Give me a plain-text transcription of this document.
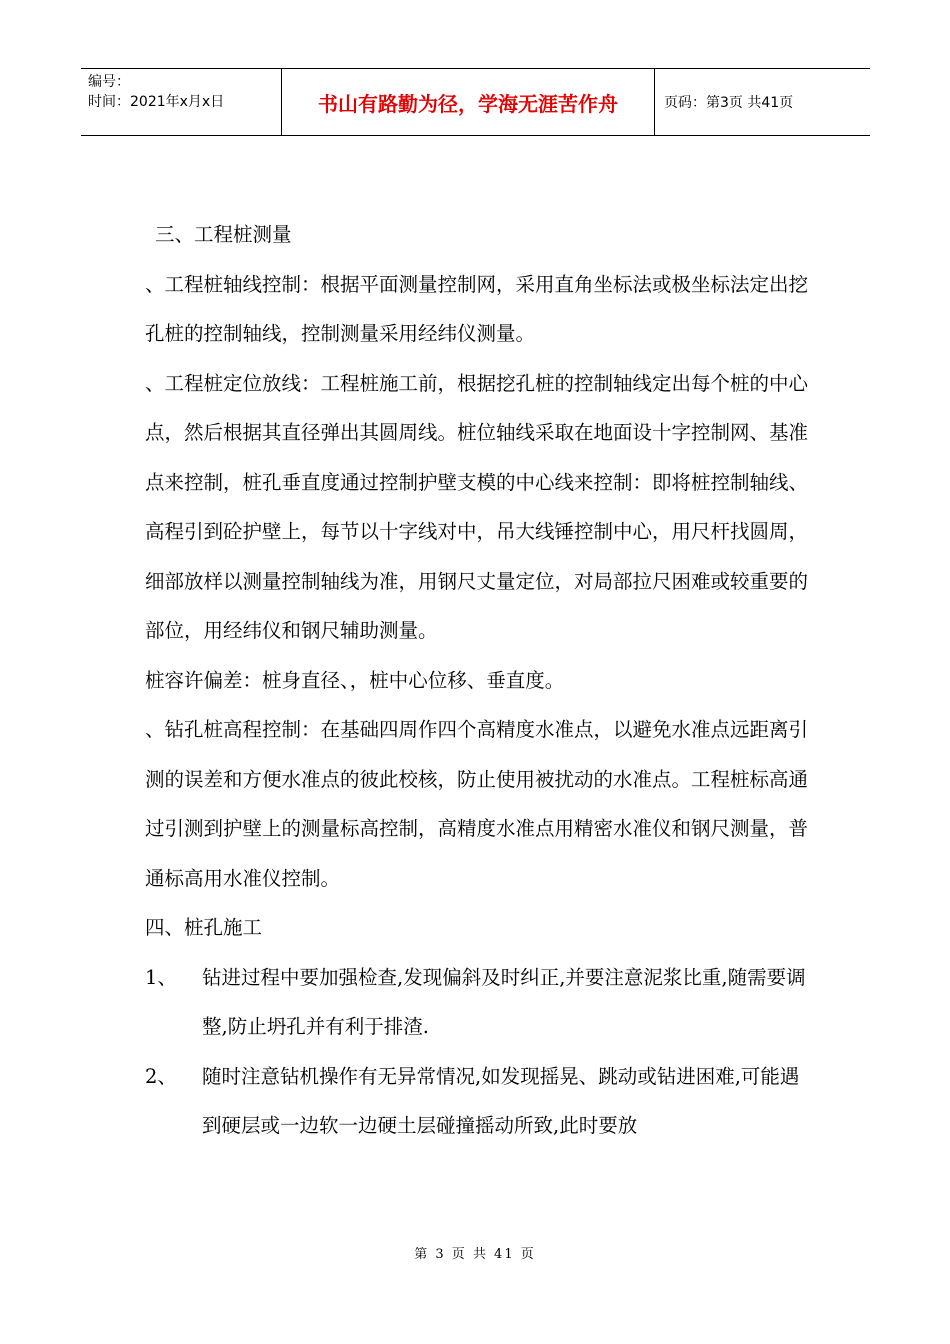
编号：
时间：2021年x月x日	书山有路勤为径，学海无涯苦作舟	页码：第3页 共41页

三、工程桩测量

、工程桩轴线控制：根据平面测量控制网，采用直角坐标法或极坐标法定出挖孔桩的控制轴线，控制测量采用经纬仪测量。

、工程桩定位放线：工程桩施工前，根据挖孔桩的控制轴线定出每个桩的中心点，然后根据其直径弹出其圆周线。桩位轴线采取在地面设十字控制网、基准点来控制，桩孔垂直度通过控制护壁支模的中心线来控制：即将桩控制轴线、高程引到砼护壁上，每节以十字线对中，吊大线锤控制中心，用尺杆找圆周，细部放样以测量控制轴线为准，用钢尺丈量定位，对局部拉尺困难或较重要的部位，用经纬仪和钢尺辅助测量。

桩容许偏差：桩身直径、，桩中心位移、垂直度。

、钻孔桩高程控制：在基础四周作四个高精度水准点，以避免水准点远距离引测的误差和方便水准点的彼此校核，防止使用被扰动的水准点。工程桩标高通过引测到护壁上的测量标高控制，高精度水准点用精密水准仪和钢尺测量，普通标高用水准仪控制。

四、桩孔施工

1、	钻进过程中要加强检查,发现偏斜及时纠正,并要注意泥浆比重,随需要调整,防止坍孔并有利于排渣.
2、	随时注意钻机操作有无异常情况,如发现摇晃、跳动或钻进困难,可能遇到硬层或一边软一边硬土层碰撞摇动所致,此时要放
第 3 页 共 41 页
